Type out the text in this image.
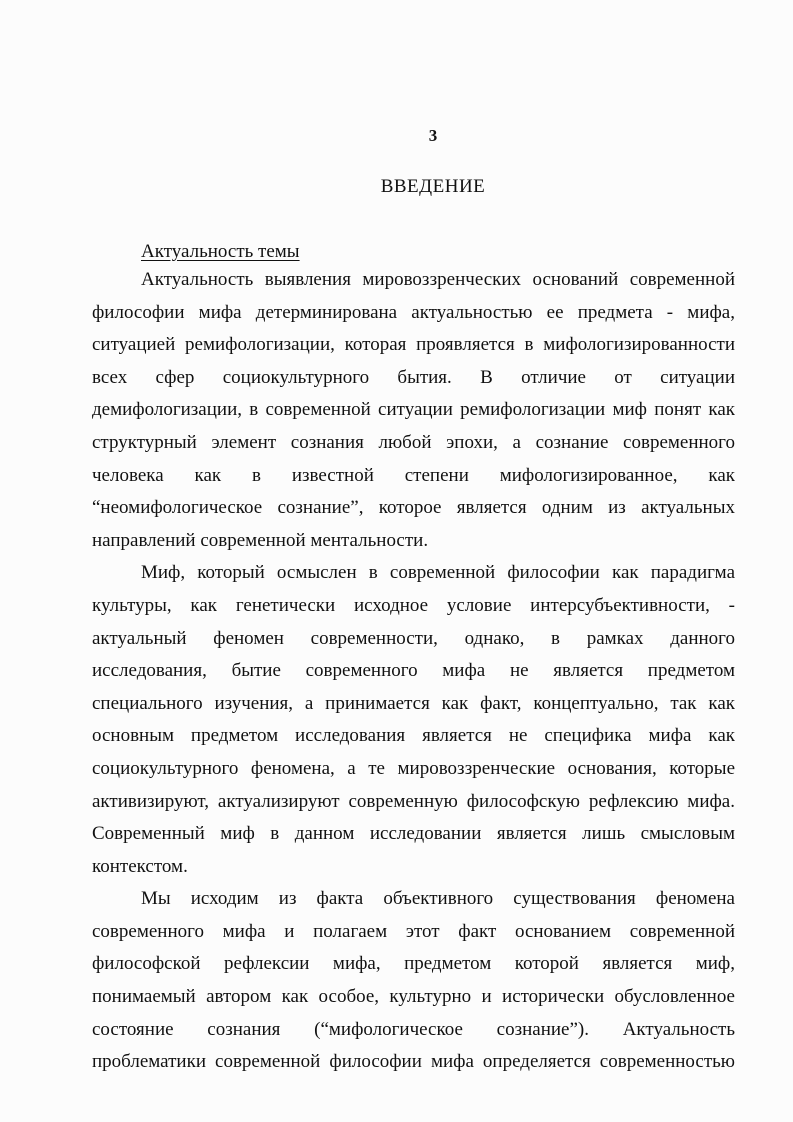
3
ВВЕДЕНИЕ
Актуальность темы
Актуальность выявления мировоззренческих оснований современной
философии мифа детерминирована актуальностью ее предмета - мифа,
ситуацией ремифологизации, которая проявляется в мифологизированности
всех сфер социокультурного бытия. В отличие от ситуации
демифологизации, в современной ситуации ремифологизации миф понят как
структурный элемент сознания любой эпохи, а сознание современного
человека как в известной степени мифологизированное, как
“неомифологическое сознание”, которое является одним из актуальных
направлений современной ментальности.
Миф, который осмыслен в современной философии как парадигма
культуры, как генетически исходное условие интерсубъективности, -
актуальный феномен современности, однако, в рамках данного
исследования, бытие современного мифа не является предметом
специального изучения, а принимается как факт, концептуально, так как
основным предметом исследования является не специфика мифа как
социокультурного феномена, а те мировоззренческие основания, которые
активизируют, актуализируют современную философскую рефлексию мифа.
Современный миф в данном исследовании является лишь смысловым
контекстом.
Мы исходим из факта объективного существования феномена
современного мифа и полагаем этот факт основанием современной
философской рефлексии мифа, предметом которой является миф,
понимаемый автором как особое, культурно и исторически обусловленное
состояние сознания (“мифологическое сознание”). Актуальность
проблематики современной философии мифа определяется современностью
